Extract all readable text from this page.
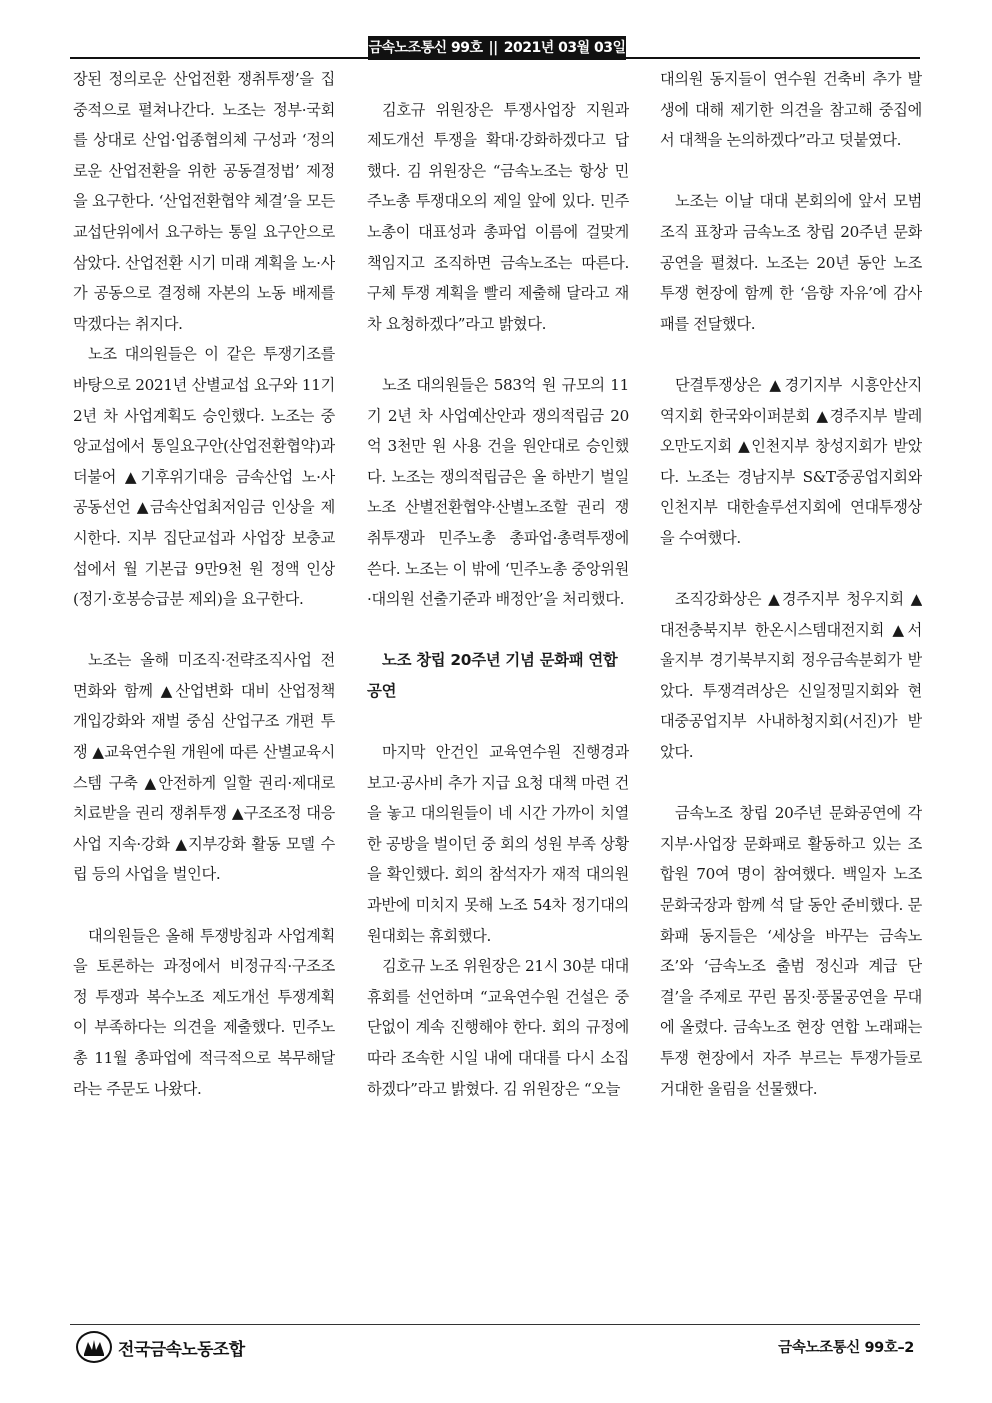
금속노조통신 99호 || 2021년 03월 03일

장된 정의로운 산업전환 쟁취투쟁’을 집중적으로 펼쳐나간다. 노조는 정부·국회를 상대로 산업·업종협의체 구성과 ‘정의로운 산업전환을 위한 공동결정법’ 제정을 요구한다. ‘산업전환협약 체결’을 모든 교섭단위에서 요구하는 통일 요구안으로 삼았다. 산업전환 시기 미래 계획을 노·사가 공동으로 결정해 자본의 노동 배제를 막겠다는 취지다.

노조 대의원들은 이 같은 투쟁기조를 바탕으로 2021년 산별교섭 요구와 11기 2년 차 사업계획도 승인했다. 노조는 중앙교섭에서 통일요구안(산업전환협약)과 더불어 ▲기후위기대응 금속산업 노·사 공동선언 ▲금속산업최저임금 인상을 제시한다. 지부 집단교섭과 사업장 보충교섭에서 월 기본급 9만9천 원 정액 인상(정기·호봉승급분 제외)을 요구한다.

노조는 올해 미조직·전략조직사업 전면화와 함께 ▲산업변화 대비 산업정책 개입강화와 재벌 중심 산업구조 개편 투쟁 ▲교육연수원 개원에 따른 산별교육시스템 구축 ▲안전하게 일할 권리·제대로 치료받을 권리 쟁취투쟁 ▲구조조정 대응 사업 지속·강화 ▲지부강화 활동 모델 수립 등의 사업을 벌인다.

대의원들은 올해 투쟁방침과 사업계획을 토론하는 과정에서 비정규직·구조조정 투쟁과 복수노조 제도개선 투쟁계획이 부족하다는 의견을 제출했다. 민주노총 11월 총파업에 적극적으로 복무해달라는 주문도 나왔다.

김호규 위원장은 투쟁사업장 지원과 제도개선 투쟁을 확대·강화하겠다고 답했다. 김 위원장은 “금속노조는 항상 민주노총 투쟁대오의 제일 앞에 있다. 민주노총이 대표성과 총파업 이름에 걸맞게 책임지고 조직하면 금속노조는 따른다. 구체 투쟁 계획을 빨리 제출해 달라고 재차 요청하겠다”라고 밝혔다.

노조 대의원들은 583억 원 규모의 11기 2년 차 사업예산안과 쟁의적립금 20억 3천만 원 사용 건을 원안대로 승인했다. 노조는 쟁의적립금은 올 하반기 벌일 노조 산별전환협약·산별노조할 권리 쟁취투쟁과 민주노총 총파업·총력투쟁에 쓴다. 노조는 이 밖에 ‘민주노총 중앙위원·대의원 선출기준과 배정안’을 처리했다.

노조 창립 20주년 기념 문화패 연합 공연

마지막 안건인 교육연수원 진행경과 보고·공사비 추가 지급 요청 대책 마련 건을 놓고 대의원들이 네 시간 가까이 치열한 공방을 벌이던 중 회의 성원 부족 상황을 확인했다. 회의 참석자가 재적 대의원 과반에 미치지 못해 노조 54차 정기대의원대회는 휴회했다.

김호규 노조 위원장은 21시 30분 대대 휴회를 선언하며 “교육연수원 건설은 중단없이 계속 진행해야 한다. 회의 규정에 따라 조속한 시일 내에 대대를 다시 소집하겠다”라고 밝혔다. 김 위원장은 “오늘

대의원 동지들이 연수원 건축비 추가 발생에 대해 제기한 의견을 참고해 중집에서 대책을 논의하겠다”라고 덧붙였다.

노조는 이날 대대 본회의에 앞서 모범조직 표창과 금속노조 창립 20주년 문화공연을 펼쳤다. 노조는 20년 동안 노조 투쟁 현장에 함께 한 ‘음향 자유’에 감사패를 전달했다.

단결투쟁상은 ▲경기지부 시흥안산지역지회 한국와이퍼분회 ▲경주지부 발레오만도지회 ▲인천지부 창성지회가 받았다. 노조는 경남지부 S&T중공업지회와 인천지부 대한솔루션지회에 연대투쟁상을 수여했다.

조직강화상은 ▲경주지부 청우지회 ▲대전충북지부 한온시스템대전지회 ▲서울지부 경기북부지회 정우금속분회가 받았다. 투쟁격려상은 신일정밀지회와 현대중공업지부 사내하청지회(서진)가 받았다.

금속노조 창립 20주년 문화공연에 각 지부·사업장 문화패로 활동하고 있는 조합원 70여 명이 참여했다. 백일자 노조 문화국장과 함께 석 달 동안 준비했다. 문화패 동지들은 ‘세상을 바꾸는 금속노조’와 ‘금속노조 출범 정신과 계급 단결’을 주제로 꾸린 몸짓·풍물공연을 무대에 올렸다. 금속노조 현장 연합 노래패는 투쟁 현장에서 자주 부르는 투쟁가들로 거대한 울림을 선물했다.

전국금속노동조합	금속노조통신 99호–2
